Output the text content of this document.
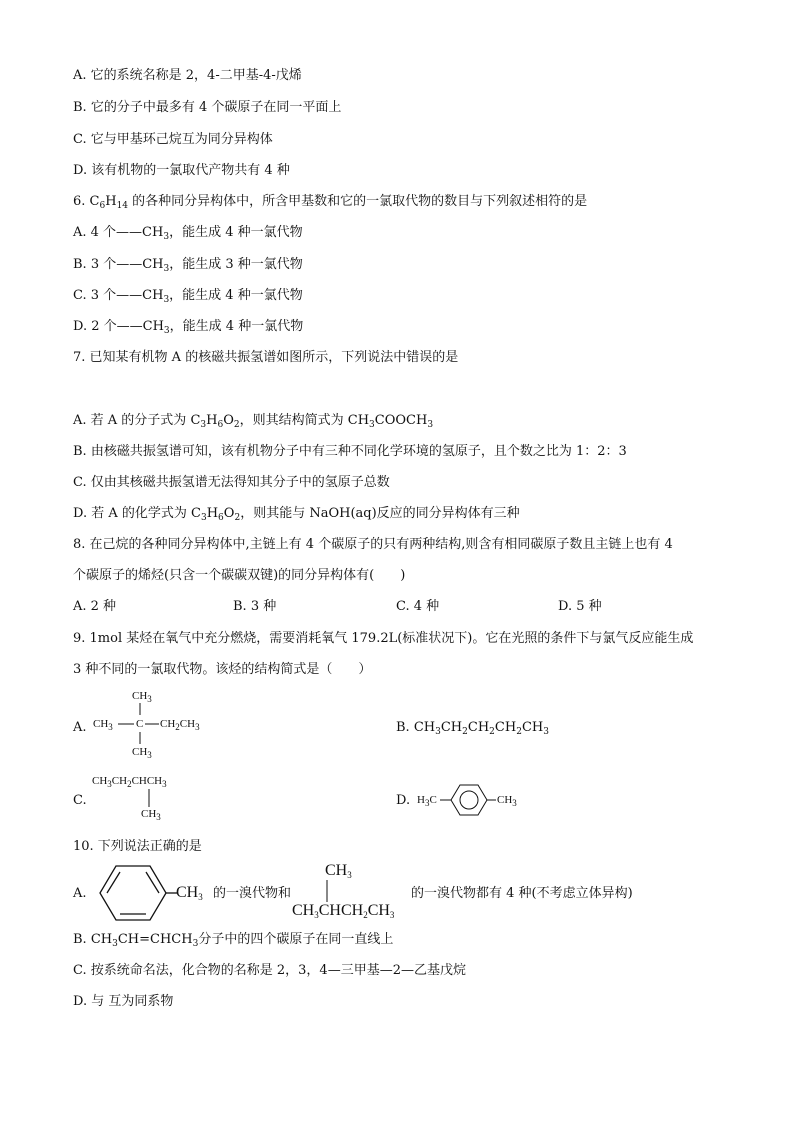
A. 它的系统名称是 2，4-二甲基-4-戊烯
B. 它的分子中最多有 4 个碳原子在同一平面上
C. 它与甲基环己烷互为同分异构体
D. 该有机物的一氯取代产物共有 4 种
6. $C_6H_{14}$ 的各种同分异构体中，所含甲基数和它的一氯取代物的数目与下列叙述相符的是
A. 4 个$——CH_3$，能生成 4 种一氯代物
B. 3 个$——CH_3$，能生成 3 种一氯代物
C. 3 个$——CH_3$，能生成 4 种一氯代物
D. 2 个$——CH_3$，能生成 4 种一氯代物
7. 已知某有机物 A 的核磁共振氢谱如图所示，下列说法中错误的是
A. 若 A 的分子式为 $C_3H_6O_2$，则其结构简式为 $CH_3COOCH_3$
B. 由核磁共振氢谱可知，该有机物分子中有三种不同化学环境的氢原子，且个数之比为 1：2：3
C. 仅由其核磁共振氢谱无法得知其分子中的氢原子总数
D. 若 A 的化学式为 $C_3H_6O_2$，则其能与 NaOH(aq)反应的同分异构体有三种
8. 在己烷的各种同分异构体中,主链上有 4 个碳原子的只有两种结构,则含有相同碳原子数且主链上也有 4
个碳原子的烯烃(只含一个碳碳双键)的同分异构体有(　　)
A. 2 种	B. 3 种	C. 4 种	D. 5 种
9. 1mol 某烃在氧气中充分燃烧，需要消耗氧气 179.2L(标准状况下)。它在光照的条件下与氯气反应能生成
3 种不同的一氯取代物。该烃的结构简式是（　　）
A.
$CH_3$
$CH_3$ C $CH_2CH_3$
$CH_3$
B. $CH_3CH_2CH_2CH_2CH_3$
C.
$CH_3CH_2CHCH_3$
$CH_3$
D. $H_3C$	$CH_3$
10. 下列说法正确的是
A.	$CH_3$ 的一溴代物和
$CH_3$
$CH_3CHCH_2CH_3$
的一溴代物都有 4 种(不考虑立体异构)
B. $CH_3CH=CHCH_3$分子中的四个碳原子在同一直线上
C. 按系统命名法，化合物的名称是 2，3，4—三甲基—2—乙基戊烷
D. 与 互为同系物
